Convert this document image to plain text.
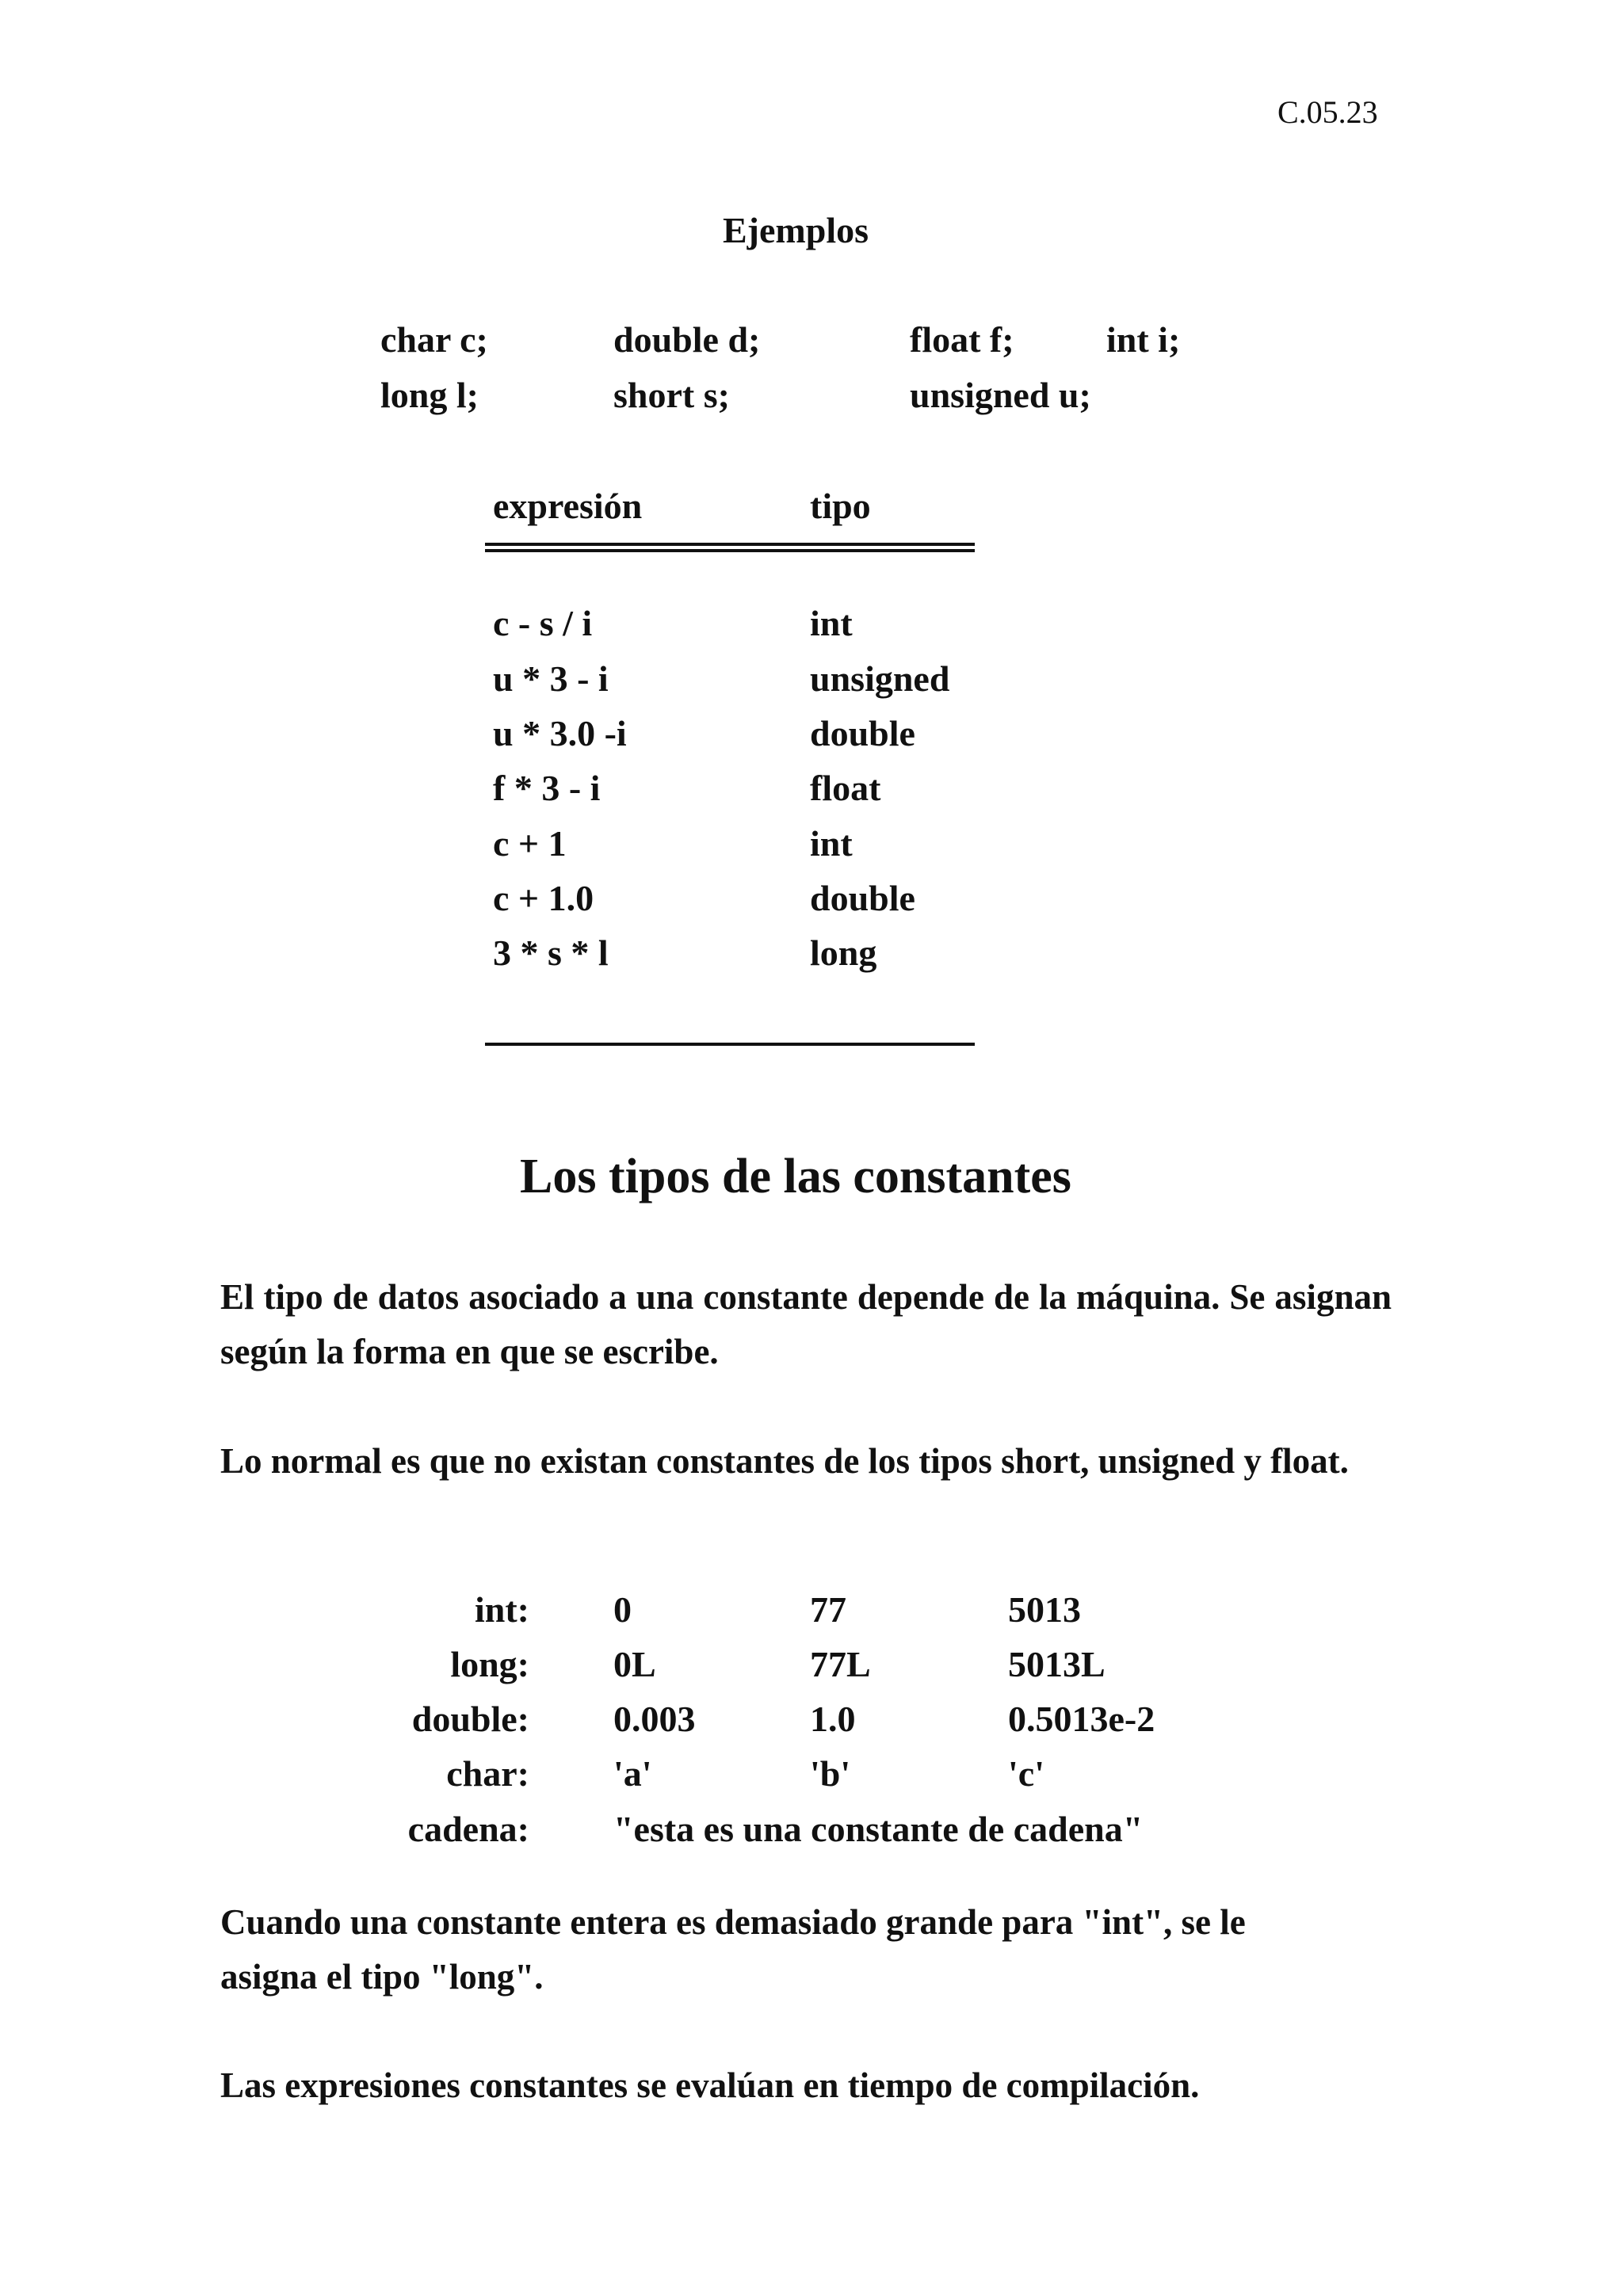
C.05.23
Ejemplos
char c;	double d;	float f;	int i;
long l;	short s;	unsigned u;
expresión	tipo
c - s / i	int
u * 3 - i	unsigned
u * 3.0 -i	double
f * 3 - i	float
c + 1	int
c + 1.0	double
3 * s * l	long
Los tipos de las constantes
El tipo de datos asociado a una constante depende de la máquina. Se asignan según la forma en que se escribe.
Lo normal es que no existan constantes de los tipos short, unsigned y float.
int: 0	77	5013
long: 0L	77L	5013L
double: 0.003	1.0	0.5013e-2
char: 'a'	'b'	'c'
cadena: "esta es una constante de cadena"
Cuando una constante entera es demasiado grande para "int", se le asigna el tipo "long".
Las expresiones constantes se evalúan en tiempo de compilación.
